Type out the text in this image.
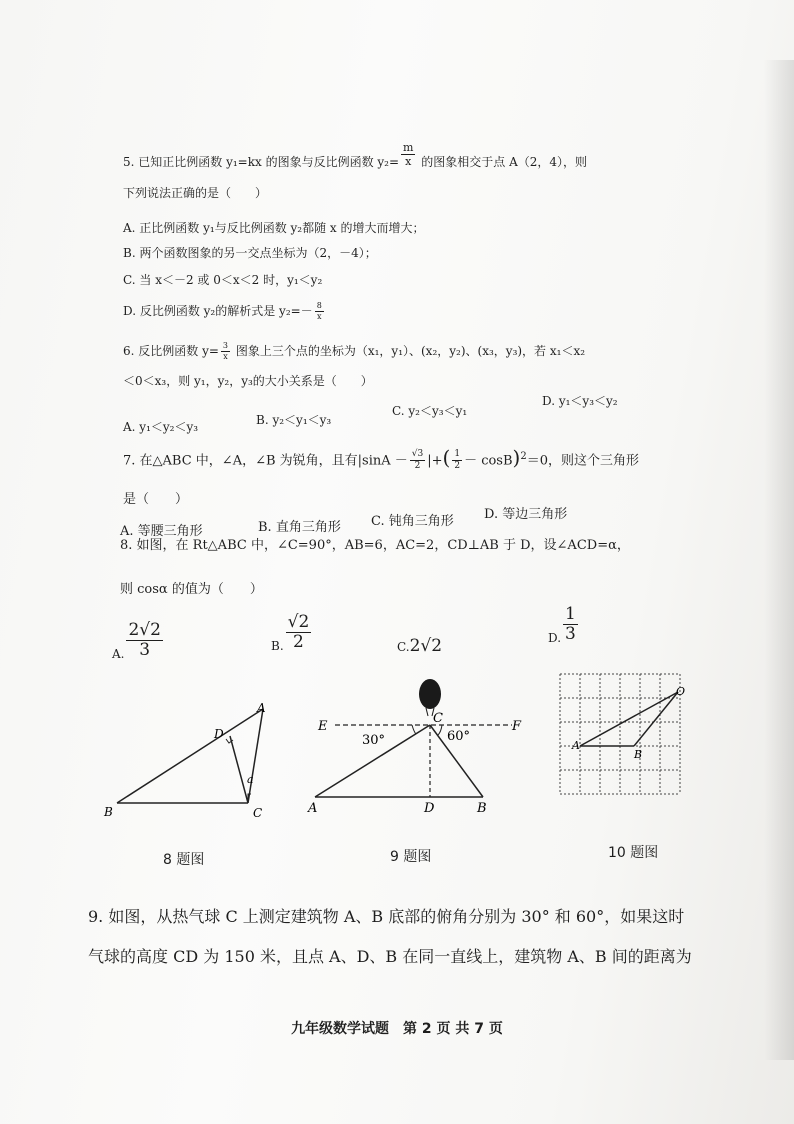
5. 已知正比例函数 y₁=kx 的图象与反比例函数 $y_2= \frac{m}{x}$ 的图象相交于点 A（2，4），则
下列说法正确的是（　　）
A. 正比例函数 y₁与反比例函数 y₂都随 x 的增大而增大；
B. 两个函数图象的另一交点坐标为（2，－4）；
C. 当 x＜－2 或 0＜x＜2 时，y₁＜y₂
D. 反比例函数 y₂的解析式是 $y_2=- \frac{8}{x}$
6. 反比例函数 $y= \frac{3}{x}$ 图象上三个点的坐标为（x₁，y₁）、(x₂，y₂)、(x₃，y₃)，若 x₁＜x₂
＜0＜x₃，则 y₁，y₂，y₃的大小关系是（　　）
A. y₁＜y₂＜y₃	B. y₂＜y₁＜y₃
C. y₂＜y₃＜y₁
D. y₁＜y₃＜y₂
7. 在△ABC 中，∠A，∠B 为锐角，且有$|\sin A - \frac{√3}{2}$ |+( $\frac{1}{2} - \cos B)^2=0$，则这个三角形
是（　　）
A. 等腰三角形	B. 直角三角形 C. 钝角三角形 D. 等边三角形
8. 如图，在 Rt△ABC 中，∠C=90°，AB=6，AC=2，CD⊥AB 于 D，设∠ACD=α，
则 cosα 的值为（　　）
A. $\frac{2√2}{3}$	B. $\frac{√2}{2}$	C.2√2	D. $\frac{1}{3}$
A
B	C
D
a
8 题图
E	F
C
A	D	B
30°	60°
9 题图
A
B
O
10 题图
9. 如图，从热气球 C 上测定建筑物 A、B 底部的俯角分别为 30° 和 60°，如果这时
气球的高度 CD 为 150 米，且点 A、D、B 在同一直线上，建筑物 A、B 间的距离为
九年级数学试题　第 2 页 共 7 页
